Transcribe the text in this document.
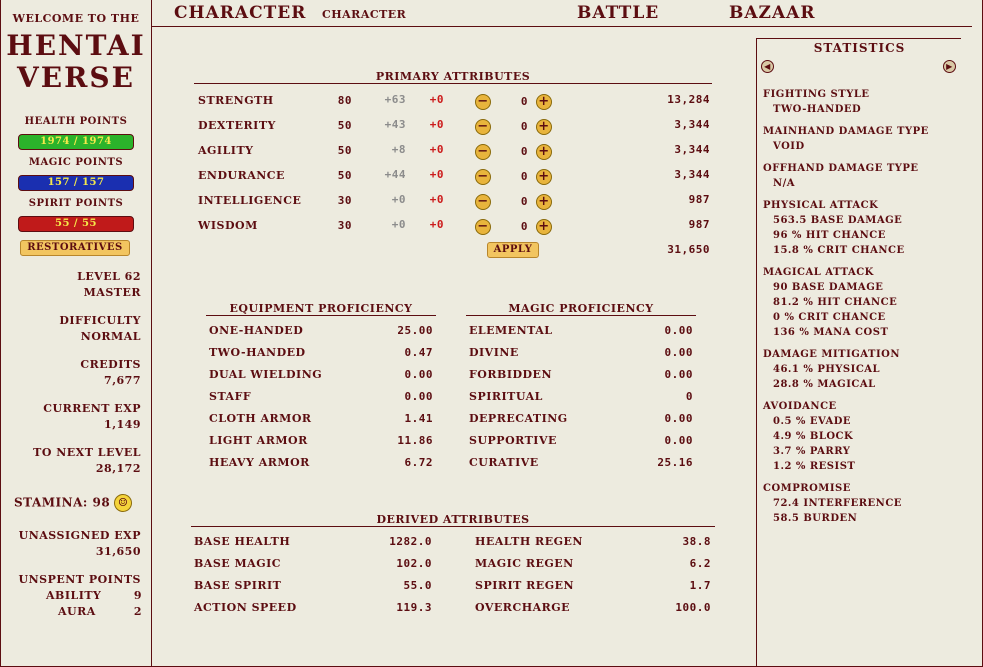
WELCOME TO THE
HENTAI
VERSE
HEALTH POINTS
1974 / 1974
MAGIC POINTS
157 / 157
SPIRIT POINTS
55 / 55
RESTORATIVES
LEVEL 62
MASTER
DIFFICULTY
NORMAL
CREDITS
7,677
CURRENT EXP
1,149
TO NEXT LEVEL
28,172
STAMINA: 98 ☺
UNASSIGNED EXP
31,650
UNSPENT POINTS
ABILITY	9
AURA	2
CHARACTER CHARACTER	BATTLE	BAZAAR
PRIMARY ATTRIBUTES
STRENGTH	80	+63	+0	−	0 +	13,284
DEXTERITY	50	+43	+0	−	0 +	3,344
AGILITY	50	+8	+0	−	0 +	3,344
ENDURANCE	50	+44	+0	−	0 +	3,344
INTELLIGENCE	30	+0	+0	−	0 +	987
WISDOM	30	+0	+0	−	0 +	987
APPLY	31,650
EQUIPMENT PROFICIENCY
ONE-HANDED	25.00
TWO-HANDED	0.47
DUAL WIELDING	0.00
STAFF	0.00
CLOTH ARMOR	1.41
LIGHT ARMOR	11.86
HEAVY ARMOR	6.72
MAGIC PROFICIENCY
ELEMENTAL	0.00
DIVINE	0.00
FORBIDDEN	0.00
SPIRITUAL	0
DEPRECATING	0.00
SUPPORTIVE	0.00
CURATIVE	25.16
DERIVED ATTRIBUTES
BASE HEALTH	1282.0
BASE MAGIC	102.0
BASE SPIRIT	55.0
ACTION SPEED	119.3
HEALTH REGEN	38.8
MAGIC REGEN	6.2
SPIRIT REGEN	1.7
OVERCHARGE	100.0
STATISTICS
◀	▶
FIGHTING STYLE
TWO-HANDED
MAINHAND DAMAGE TYPE
VOID
OFFHAND DAMAGE TYPE
N/A
PHYSICAL ATTACK
563.5 BASE DAMAGE
96 % HIT CHANCE
15.8 % CRIT CHANCE
MAGICAL ATTACK
90 BASE DAMAGE
81.2 % HIT CHANCE
0 % CRIT CHANCE
136 % MANA COST
DAMAGE MITIGATION
46.1 % PHYSICAL
28.8 % MAGICAL
AVOIDANCE
0.5 % EVADE
4.9 % BLOCK
3.7 % PARRY
1.2 % RESIST
COMPROMISE
72.4 INTERFERENCE
58.5 BURDEN
